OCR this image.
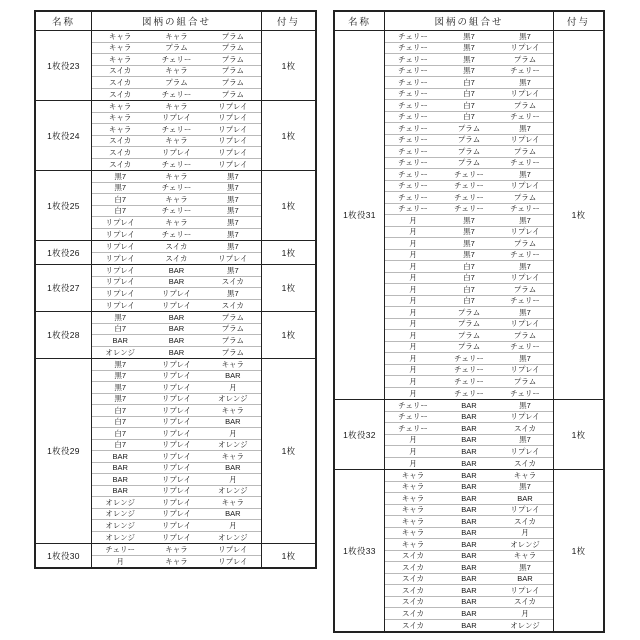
名称	図柄の組合せ	付与
1枚役23
キャラ	キャラ	プラム
キャラ	プラム	プラム
キャラ	チェリー	プラム
スイカ	キャラ	プラム
スイカ	プラム	プラム
スイカ	チェリー	プラム
1枚
1枚役24
キャラ	キャラ	リプレイ
キャラ	リプレイ	リプレイ
キャラ	チェリー	リプレイ
スイカ	キャラ	リプレイ
スイカ	リプレイ	リプレイ
スイカ	チェリー	リプレイ
1枚
1枚役25
黒7	キャラ	黒7
黒7	チェリー	黒7
白7	キャラ	黒7
白7	チェリー	黒7
リプレイ	キャラ	黒7
リプレイ	チェリー	黒7
1枚
1枚役26
リプレイ	スイカ	黒7
リプレイ	スイカ	リプレイ
1枚
1枚役27
リプレイ	BAR	黒7
リプレイ	BAR	スイカ
リプレイ	リプレイ	黒7
リプレイ	リプレイ	スイカ
1枚
1枚役28
黒7	BAR	プラム
白7	BAR	プラム
BAR	BAR	プラム
オレンジ	BAR	プラム
1枚
1枚役29
黒7	リプレイ	キャラ
黒7	リプレイ	BAR
黒7	リプレイ	月
黒7	リプレイ	オレンジ
白7	リプレイ	キャラ
白7	リプレイ	BAR
白7	リプレイ	月
白7	リプレイ	オレンジ
BAR	リプレイ	キャラ
BAR	リプレイ	BAR
BAR	リプレイ	月
BAR	リプレイ	オレンジ
オレンジ	リプレイ	キャラ
オレンジ	リプレイ	BAR
オレンジ	リプレイ	月
オレンジ	リプレイ	オレンジ
1枚
1枚役30
チェリー	キャラ	リプレイ
月	キャラ	リプレイ
1枚
名称	図柄の組合せ	付与
1枚役31
チェリー	黒7	黒7
チェリー	黒7	リプレイ
チェリー	黒7	プラム
チェリー	黒7	チェリー
チェリー	白7	黒7
チェリー	白7	リプレイ
チェリー	白7	プラム
チェリー	白7	チェリー
チェリー	プラム	黒7
チェリー	プラム	リプレイ
チェリー	プラム	プラム
チェリー	プラム	チェリー
チェリー	チェリー	黒7
チェリー	チェリー	リプレイ
チェリー	チェリー	プラム
チェリー	チェリー	チェリー
月	黒7	黒7
月	黒7	リプレイ
月	黒7	プラム
月	黒7	チェリー
月	白7	黒7
月	白7	リプレイ
月	白7	プラム
月	白7	チェリー
月	プラム	黒7
月	プラム	リプレイ
月	プラム	プラム
月	プラム	チェリー
月	チェリー	黒7
月	チェリー	リプレイ
月	チェリー	プラム
月	チェリー	チェリー
1枚
1枚役32
チェリー	BAR	黒7
チェリー	BAR	リプレイ
チェリー	BAR	スイカ
月	BAR	黒7
月	BAR	リプレイ
月	BAR	スイカ
1枚
1枚役33
キャラ	BAR	キャラ
キャラ	BAR	黒7
キャラ	BAR	BAR
キャラ	BAR	リプレイ
キャラ	BAR	スイカ
キャラ	BAR	月
キャラ	BAR	オレンジ
スイカ	BAR	キャラ
スイカ	BAR	黒7
スイカ	BAR	BAR
スイカ	BAR	リプレイ
スイカ	BAR	スイカ
スイカ	BAR	月
スイカ	BAR	オレンジ
1枚
